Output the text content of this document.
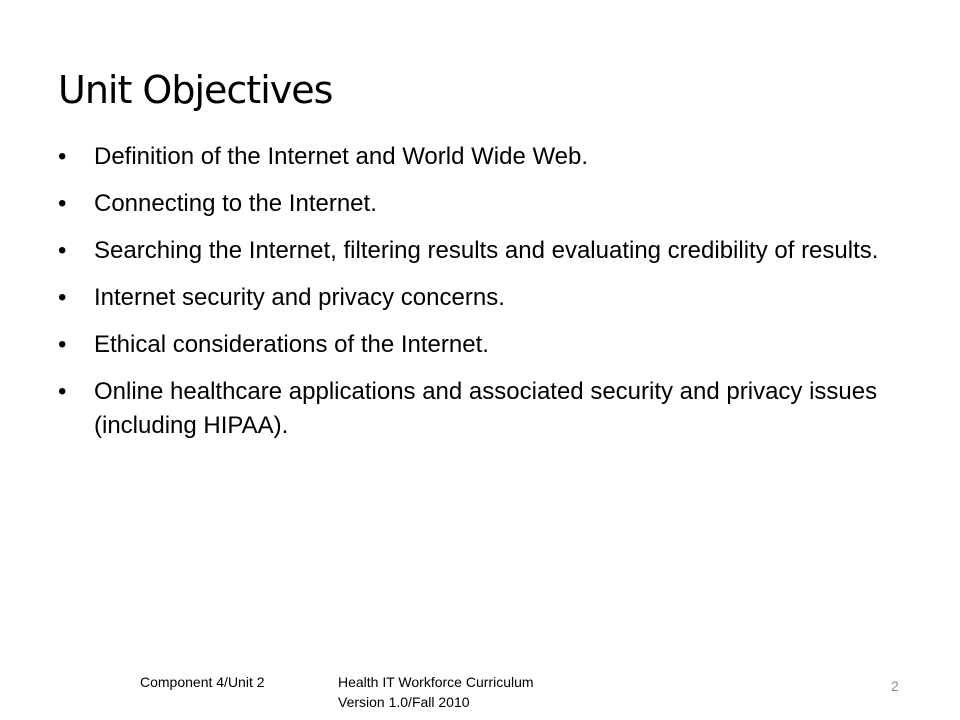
Unit Objectives
• Definition of the Internet and World Wide Web.
• Connecting to the Internet.
• Searching the Internet, filtering results and evaluating credibility of results.
• Internet security and privacy concerns.
• Ethical considerations of the Internet.
• Online healthcare applications and associated security and privacy issues (including HIPAA).
Component 4/Unit 2	Health IT Workforce Curriculum
Version 1.0/Fall 2010
2
